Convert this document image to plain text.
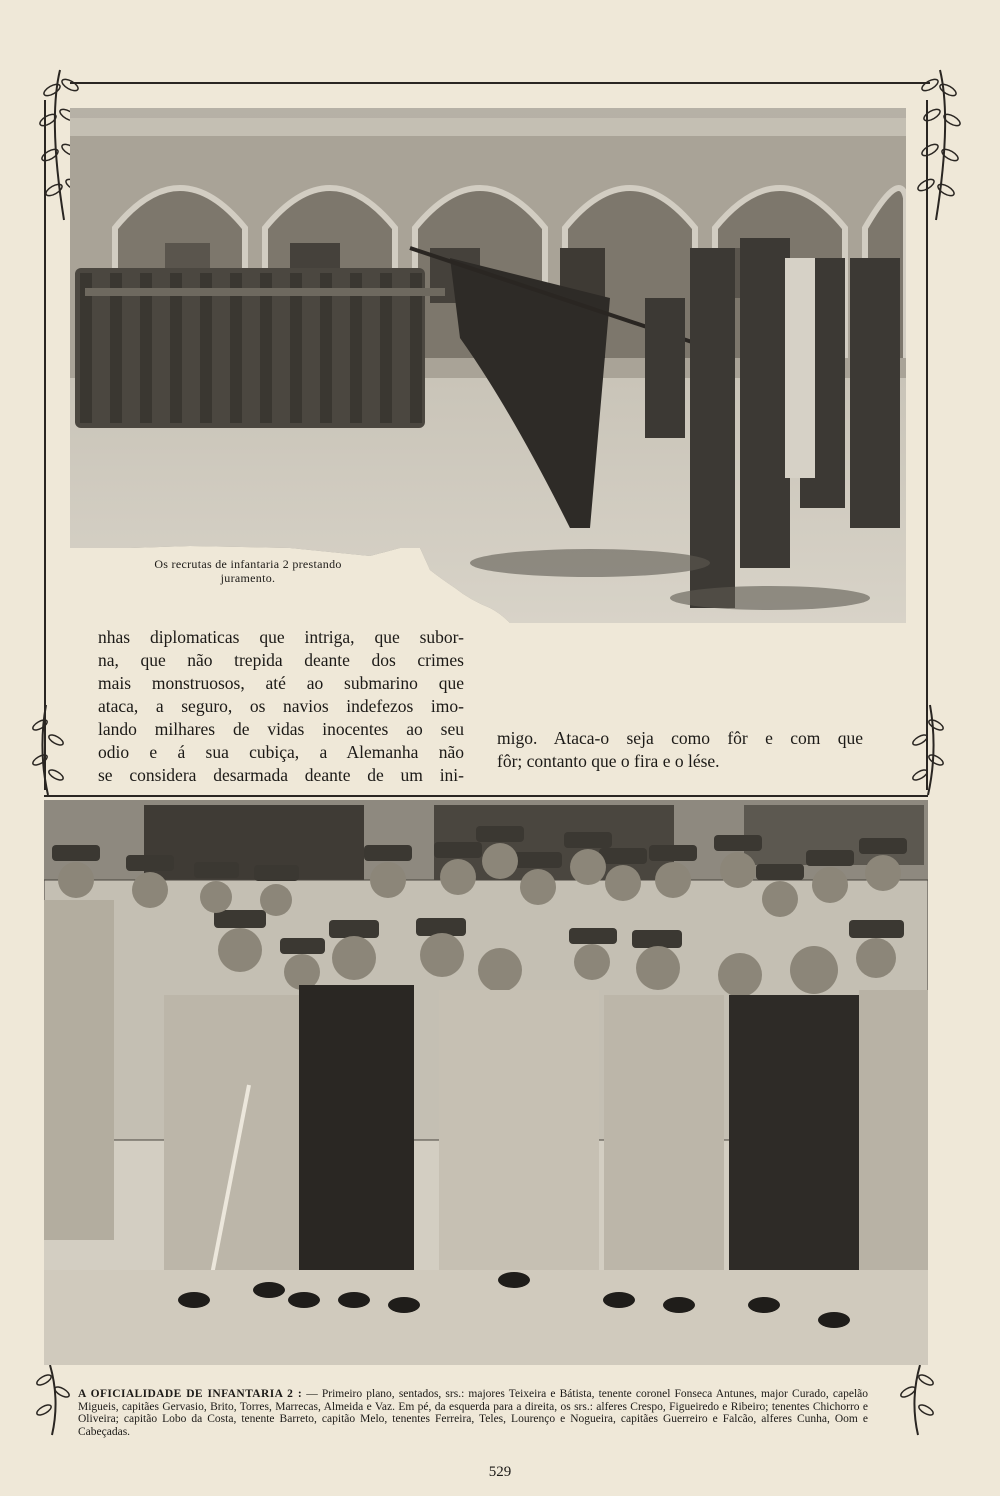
Os recrutas de infantaria 2 prestando
juramento.
nhas diplomaticas que intriga, que subor-
na, que não trepida deante dos crimes
mais monstruosos, até ao submarino que
ataca, a seguro, os navios indefezos imo-
lando milhares de vidas inocentes ao seu
odio e á sua cubiça, a Alemanha não
se considera desarmada deante de um ini-
migo. Ataca-o seja como fôr e com que
fôr; contanto que o fira e o lése.
A OFICIALIDADE DE INFANTARIA 2 : — Primeiro plano, sentados, srs.: majores Teixeira e Bátista, tenente coronel Fonseca Antunes, major Curado, capelão Migueis, capitães Gervasio, Brito, Torres, Marrecas, Almeida e Vaz. Em pé, da esquerda para a direita, os srs.: alferes Crespo, Figueiredo e Ribeiro; tenentes Chichorro e Oliveira; capitão Lobo da Costa, tenente Barreto, capitão Melo, tenentes Ferreira, Teles, Lourenço e Nogueira, capitães Guerreiro e Falcão, alferes Cunha, Oom e Cabeçadas.
529
